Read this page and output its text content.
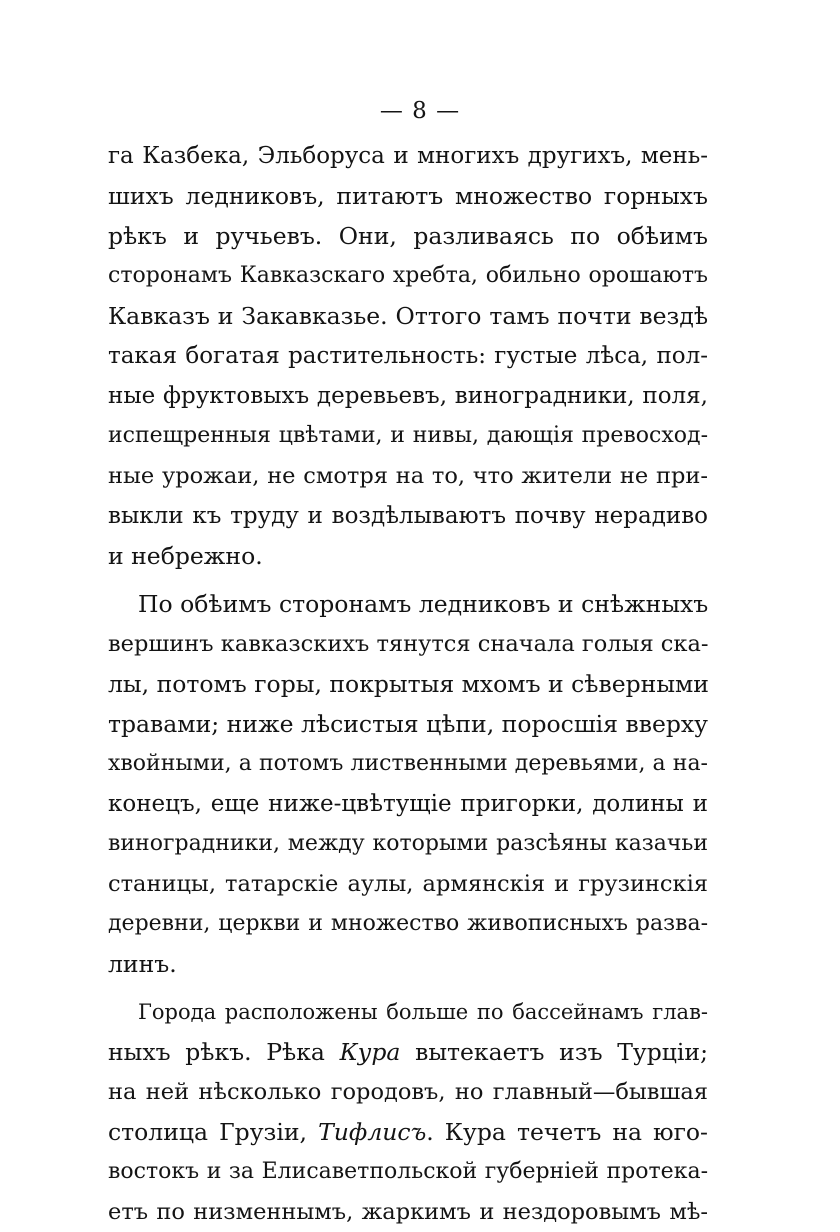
— 8 —
га Казбека, Эльборуса и многихъ другихъ, мень-
шихъ ледниковъ, питаютъ множество горныхъ
рѣкъ и ручьевъ. Они, разливаясь по обѣимъ
сторонамъ Кавказскаго хребта, обильно орошаютъ
Кавказъ и Закавказье. Оттого тамъ почти вездѣ
такая богатая растительность: густые лѣса, пол-
ные фруктовыхъ деревьевъ, виноградники, поля,
испещренныя цвѣтами, и нивы, дающія превосход-
ные урожаи, не смотря на то, что жители не при-
выкли къ труду и воздѣлываютъ почву нерадиво
и небрежно.
По обѣимъ сторонамъ ледниковъ и снѣжныхъ
вершинъ кавказскихъ тянутся сначала голыя ска-
лы, потомъ горы, покрытыя мхомъ и сѣверными
травами; ниже лѣсистыя цѣпи, поросшія вверху
хвойными, а потомъ лиственными деревьями, а на-
конецъ, еще ниже-цвѣтущіе пригорки, долины и
виноградники, между которыми разсѣяны казачьи
станицы, татарскіе аулы, армянскія и грузинскія
деревни, церкви и множество живописныхъ разва-
линъ.
Города расположены больше по бассейнамъ глав-
ныхъ рѣкъ. Рѣка Кура вытекаетъ изъ Турціи;
на ней нѣсколько городовъ, но главный—бывшая
столица Грузіи, Тифлисъ. Кура течетъ на юго-
востокъ и за Елисаветпольской губерніей протека-
етъ по низменнымъ, жаркимъ и нездоровымъ мѣ-
